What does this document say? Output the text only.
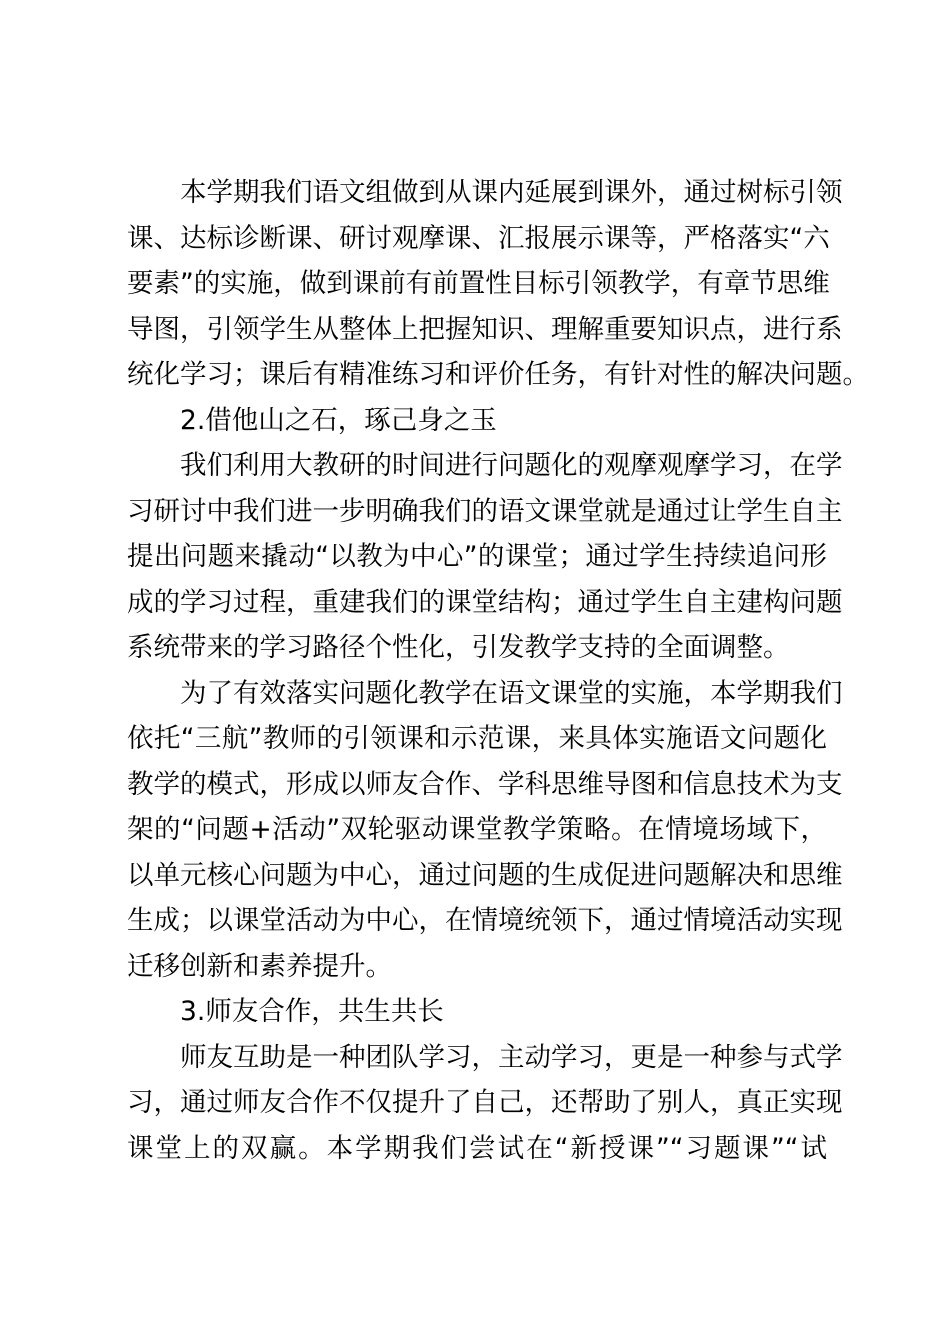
本学期我们语文组做到从课内延展到课外，通过树标引领
课、达标诊断课、研讨观摩课、汇报展示课等，严格落实“六
要素”的实施，做到课前有前置性目标引领教学，有章节思维
导图，引领学生从整体上把握知识、理解重要知识点，进行系
统化学习；课后有精准练习和评价任务，有针对性的解决问题。
2.借他山之石，琢己身之玉
我们利用大教研的时间进行问题化的观摩观摩学习，在学
习研讨中我们进一步明确我们的语文课堂就是通过让学生自主
提出问题来撬动“以教为中心”的课堂；通过学生持续追问形
成的学习过程，重建我们的课堂结构；通过学生自主建构问题
系统带来的学习路径个性化，引发教学支持的全面调整。
为了有效落实问题化教学在语文课堂的实施，本学期我们
依托“三航”教师的引领课和示范课，来具体实施语文问题化
教学的模式，形成以师友合作、学科思维导图和信息技术为支
架的“问题+活动”双轮驱动课堂教学策略。在情境场域下，
以单元核心问题为中心，通过问题的生成促进问题解决和思维
生成；以课堂活动为中心，在情境统领下，通过情境活动实现
迁移创新和素养提升。
3.师友合作，共生共长
师友互助是一种团队学习，主动学习，更是一种参与式学
习，通过师友合作不仅提升了自己，还帮助了别人，真正实现
课堂上的双赢。本学期我们尝试在“新授课”“习题课”“试
